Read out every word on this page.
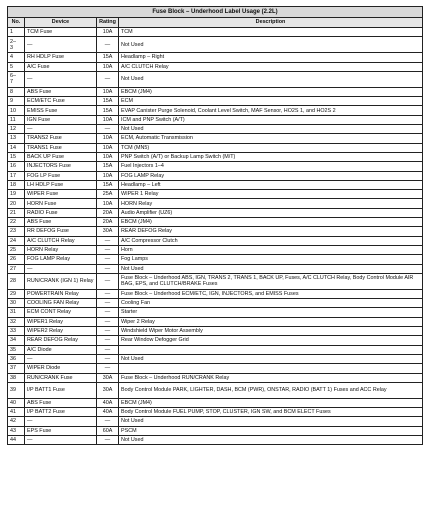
Fuse Block – Underhood Label Usage (2.2L)			
No.	Device	Rating	Description
1	TCM Fuse	10A	TCM
2–
3	—	—	Not Used
4	RH HDLP Fuse	15A	Headlamp – Right
5	A/C Fuse	10A	A/C CLUTCH Relay
6–
7	—	—	Not Used
8	ABS Fuse	10A	EBCM (JM4)
9	ECM/ETC Fuse	15A	ECM
10	EMISS Fuse	15A	EVAP Canister Purge Solenoid, Coolant Level Switch, MAF Sensor, HO2S 1, and HO2S 2
11	IGN Fuse	10A	ICM and PNP Switch (A/T)
12	—	—	Not Used
13	TRANS2 Fuse	10A	ECM, Automatic Transmission
14	TRANS1 Fuse	10A	TCM (MN5)
15	BACK UP Fuse	10A	PNP Switch (A/T) or Backup Lamp Switch (M/T)
16	INJECTORS Fuse	15A	Fuel Injectors 1–4
17	FOG LP Fuse	10A	FOG LAMP Relay
18	LH HDLP Fuse	15A	Headlamp – Left
19	WIPER Fuse	25A	WIPER 1 Relay
20	HORN Fuse	10A	HORN Relay
21	RADIO Fuse	20A	Audio Amplifier (UZ6)
22	ABS Fuse	20A	EBCM (JM4)
23	RR DEFOG Fuse	30A	REAR DEFOG Relay
24	A/C CLUTCH Relay	—	A/C Compressor Clutch
25	HORN Relay	—	Horn
26	FOG LAMP Relay	—	Fog Lamps
27	—	—	Not Used
28	RUN/CRANK (IGN 1) Relay	—	Fuse Block – Underhood ABS, IGN, TRANS 2, TRANS 1, BACK UP, Fuses, A/C CLUTCH Relay, Body Control Module AIR BAG, EPS, and CLUTCH/BRAKE Fuses
29	POWERTRAIN Relay	—	Fuse Block – Underhood ECM/ETC, IGN, INJECTORS, and EMISS Fuses
30	COOLING FAN Relay	—	Cooling Fan
31	ECM CONT Relay	—	Starter
32	WIPER1 Relay	—	Wiper 2 Relay
33	WIPER2 Relay	—	Windshield Wiper Motor Assembly
34	REAR DEFOG Relay	—	Rear Window Defogger Grid
35	A/C Diode	—	
36	—	—	Not Used
37	WIPER Diode	—	
38	RUN/CRANK Fuse	30A	Fuse Block – Underhood RUN/CRANK Relay
39	I/P BATT1 Fuse	30A	Body Control Module PARK, LIGHTER, DASH, BCM (PWR), ONSTAR, RADIO (BATT 1) Fuses and ACC Relay
40	ABS Fuse	40A	EBCM (JM4)
41	I/P BATT2 Fuse	40A	Body Control Module FUEL PUMP, STOP, CLUSTER, IGN SW, and BCM ELECT Fuses
42	—	—	Not Used
43	EPS Fuse	60A	PSCM
44	—	—	Not Used
